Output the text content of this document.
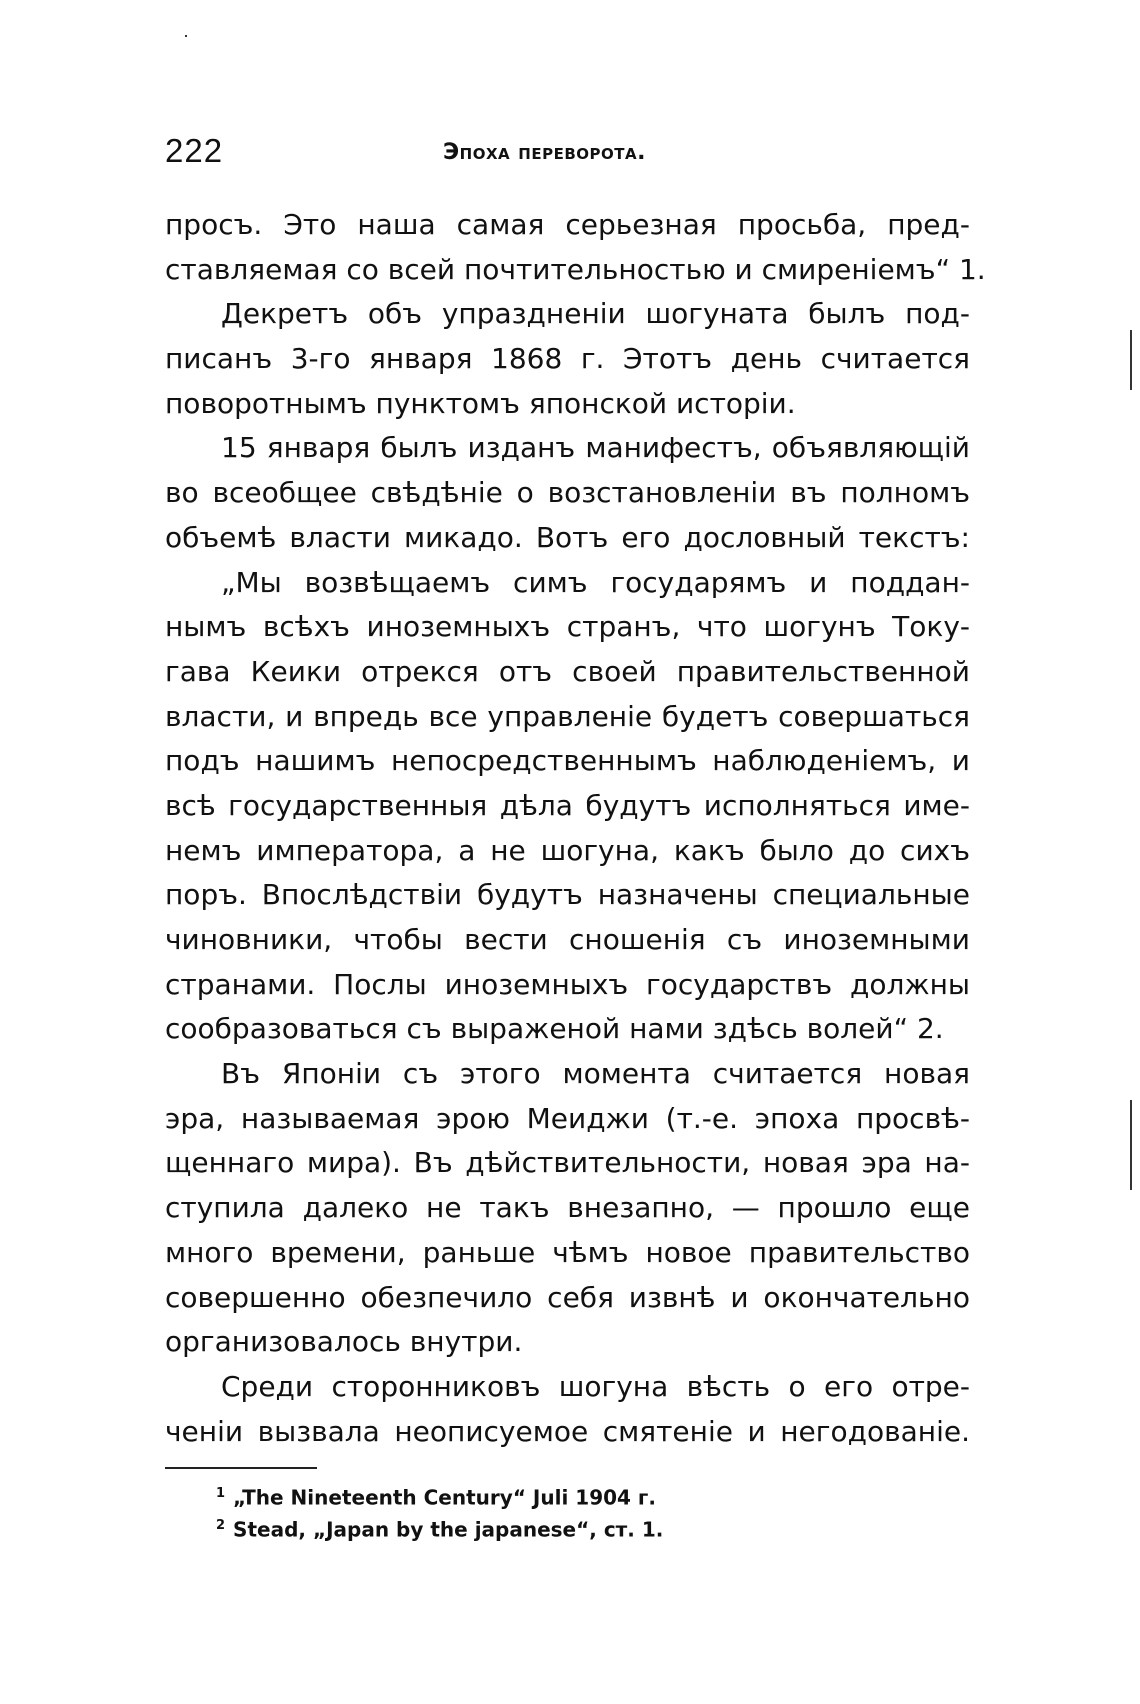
222	Эпоха переворота.
просъ. Это наша самая серьезная просьба, пред-
ставляемая со всей почтительностью и смиреніемъ“ 1.
Декретъ объ упраздненіи шогуната былъ под-
писанъ 3-го января 1868 г. Этотъ день считается
поворотнымъ пунктомъ японской исторіи.
15 января былъ изданъ манифестъ, объявляющій
во всеобщее свѣдѣніе о возстановленіи въ полномъ
объемѣ власти микадо. Вотъ его дословный текстъ:
„Мы возвѣщаемъ симъ государямъ и поддан-
нымъ всѣхъ иноземныхъ странъ, что шогунъ Току-
гава Кеики отрекся отъ своей правительственной
власти, и впредь все управленіе будетъ совершаться
подъ нашимъ непосредственнымъ наблюденіемъ, и
всѣ государственныя дѣла будутъ исполняться име-
немъ императора, а не шогуна, какъ было до сихъ
поръ. Впослѣдствіи будутъ назначены специальные
чиновники, чтобы вести сношенія съ иноземными
странами. Послы иноземныхъ государствъ должны
сообразоваться съ выраженой нами здѣсь волей“ 2.
Въ Японіи съ этого момента считается новая
эра, называемая эрою Меиджи (т.-е. эпоха просвѣ-
щеннаго мира). Въ дѣйствительности, новая эра на-
ступила далеко не такъ внезапно, — прошло еще
много времени, раньше чѣмъ новое правительство
совершенно обезпечило себя извнѣ и окончательно
организовалось внутри.
Среди сторонниковъ шогуна вѣсть о его отре-
ченіи вызвала неописуемое смятеніе и негодованіе.
$^1$ „The Nineteenth Century“ Juli 1904 г.
$^2$ Stead, „Japan by the japanese“, ст. 1.
